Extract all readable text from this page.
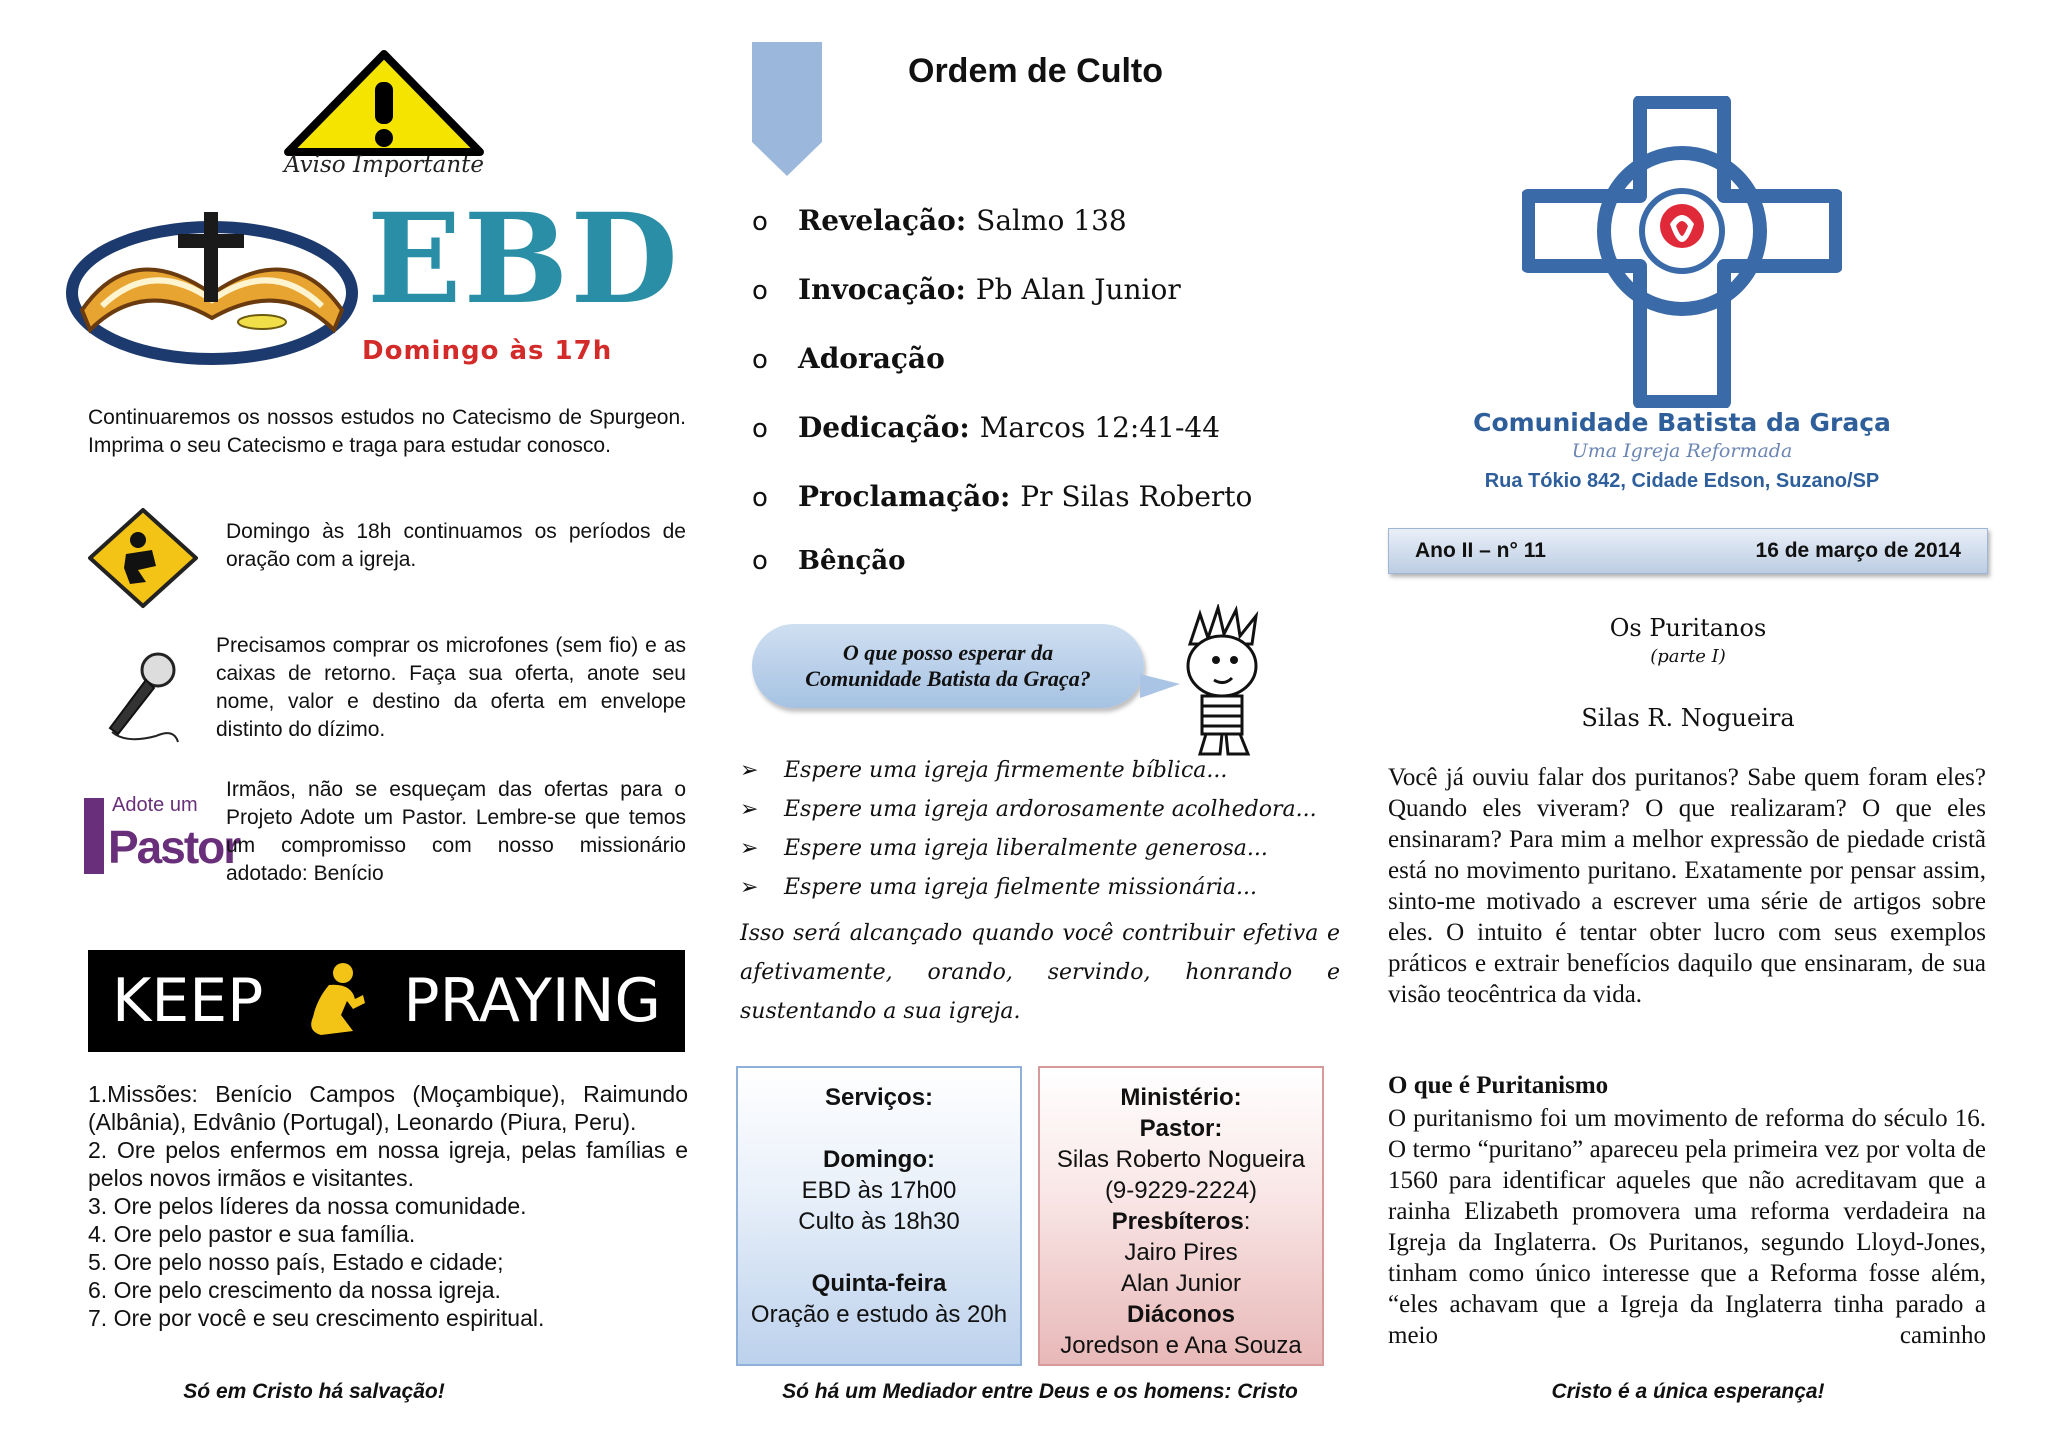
Aviso Importante
EBD
Domingo às 17h
Continuaremos os nossos estudos no Catecismo de Spurgeon. Imprima o seu Catecismo e traga para estudar conosco.
Domingo às 18h continuamos os períodos de oração com a igreja.
Precisamos comprar os microfones (sem fio) e as caixas de retorno. Faça sua oferta, anote seu nome, valor e destino da oferta em envelope distinto do dízimo.
Adote um
Pastor
Irmãos, não se esqueçam das ofertas para o Projeto Adote um Pastor. Lembre-se que temos um compromisso com nosso missionário adotado: Benício
KEEP PRAYING
1.Missões: Benício Campos (Moçambique), Raimundo (Albânia), Edvânio (Portugal), Leonardo (Piura, Peru).
2. Ore pelos enfermos em nossa igreja, pelas famílias e pelos novos irmãos e visitantes.
3. Ore pelos líderes da nossa comunidade.
4. Ore pelo pastor e sua família.
5. Ore pelo nosso país, Estado e cidade;
6. Ore pelo crescimento da nossa igreja.
7. Ore por você e seu crescimento espiritual.
Só em Cristo há salvação!
Ordem de Culto
o	Revelação: Salmo 138
o	Invocação: Pb Alan Junior
o	Adoração
o	Dedicação: Marcos 12:41-44
o	Proclamação: Pr Silas Roberto
o	Bênção
O que posso esperar da
Comunidade Batista da Graça?
➢	Espere uma igreja firmemente bíblica...
➢	Espere uma igreja ardorosamente acolhedora...
➢	Espere uma igreja liberalmente generosa...
➢	Espere uma igreja fielmente missionária...
Isso será alcançado quando você contribuir efetiva e afetivamente, orando, servindo, honrando e sustentando a sua igreja.
Serviços:
Domingo:
EBD às 17h00
Culto às 18h30
Quinta-feira
Oração e estudo às 20h
Ministério:
Pastor:
Silas Roberto Nogueira
(9-9229-2224)
Presbíteros:
Jairo Pires
Alan Junior
Diáconos
Joredson e Ana Souza
Só há um Mediador entre Deus e os homens: Cristo
Comunidade Batista da Graça
Uma Igreja Reformada
Rua Tókio 842, Cidade Edson, Suzano/SP
Ano II – n° 11	16 de março de 2014
Os Puritanos
(parte I)
Silas R. Nogueira
Você já ouviu falar dos puritanos? Sabe quem foram eles? Quando eles viveram? O que realizaram? O que eles ensinaram? Para mim a melhor expressão de piedade cristã está no movimento puritano. Exatamente por pensar assim, sinto-me motivado a escrever uma série de artigos sobre eles. O intuito é tentar obter lucro com seus exemplos práticos e extrair benefícios daquilo que ensinaram, de sua visão teocêntrica da vida.
O que é Puritanismo
O puritanismo foi um movimento de reforma do século 16. O termo “puritano” apareceu pela primeira vez por volta de 1560 para identificar aqueles que não acreditavam que a rainha Elizabeth promovera uma reforma verdadeira na Igreja da Inglaterra. Os Puritanos, segundo Lloyd-Jones, tinham como único interesse que a Reforma fosse além, “eles achavam que a Igreja da Inglaterra tinha parado a meio caminho
Cristo é a única esperança!
